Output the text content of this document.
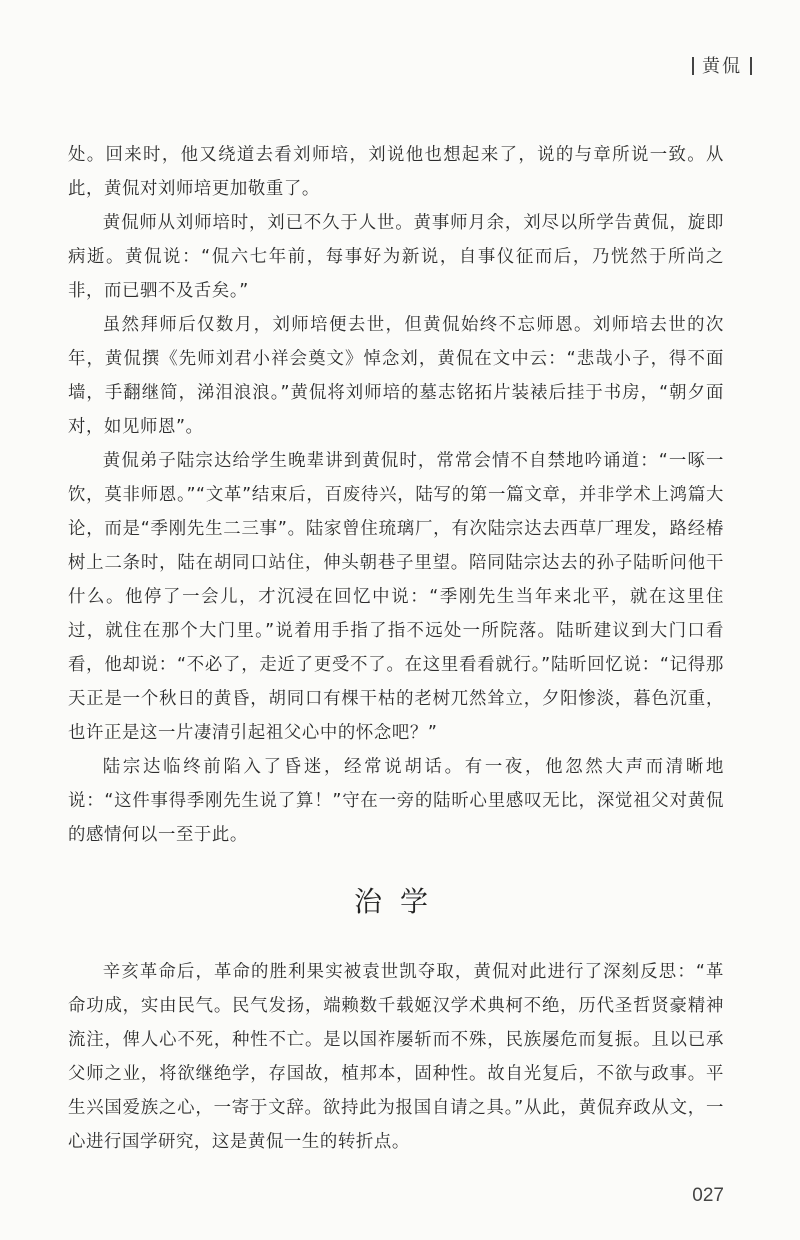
黄侃

处。回来时，他又绕道去看刘师培，刘说他也想起来了，说的与章所说一致。从此，黄侃对刘师培更加敬重了。

黄侃师从刘师培时，刘已不久于人世。黄事师月余，刘尽以所学告黄侃，旋即病逝。黄侃说：“侃六七年前，每事好为新说，自事仪征而后，乃恍然于所尚之非，而已驷不及舌矣。”

虽然拜师后仅数月，刘师培便去世，但黄侃始终不忘师恩。刘师培去世的次年，黄侃撰《先师刘君小祥会奠文》悼念刘，黄侃在文中云：“悲哉小子，得不面墙，手翻继简，涕泪浪浪。”黄侃将刘师培的墓志铭拓片装裱后挂于书房，“朝夕面对，如见师恩”。

黄侃弟子陆宗达给学生晚辈讲到黄侃时，常常会情不自禁地吟诵道：“一啄一饮，莫非师恩。”“文革”结束后，百废待兴，陆写的第一篇文章，并非学术上鸿篇大论，而是“季刚先生二三事”。陆家曾住琉璃厂，有次陆宗达去西草厂理发，路经椿树上二条时，陆在胡同口站住，伸头朝巷子里望。陪同陆宗达去的孙子陆昕问他干什么。他停了一会儿，才沉浸在回忆中说：“季刚先生当年来北平，就在这里住过，就住在那个大门里。”说着用手指了指不远处一所院落。陆昕建议到大门口看看，他却说：“不必了，走近了更受不了。在这里看看就行。”陆昕回忆说：“记得那天正是一个秋日的黄昏，胡同口有棵干枯的老树兀然耸立，夕阳惨淡，暮色沉重，也许正是这一片凄清引起祖父心中的怀念吧？”

陆宗达临终前陷入了昏迷，经常说胡话。有一夜，他忽然大声而清晰地说：“这件事得季刚先生说了算！”守在一旁的陆昕心里感叹无比，深觉祖父对黄侃的感情何以一至于此。

治学

辛亥革命后，革命的胜利果实被袁世凯夺取，黄侃对此进行了深刻反思：“革命功成，实由民气。民气发扬，端赖数千载姬汉学术典柯不绝，历代圣哲贤豪精神流注，俾人心不死，种性不亡。是以国祚屡斩而不殊，民族屡危而复振。且以已承父师之业，将欲继绝学，存国故，植邦本，固种性。故自光复后，不欲与政事。平生兴国爱族之心，一寄于文辞。欲持此为报国自请之具。”从此，黄侃弃政从文，一心进行国学研究，这是黄侃一生的转折点。

027
